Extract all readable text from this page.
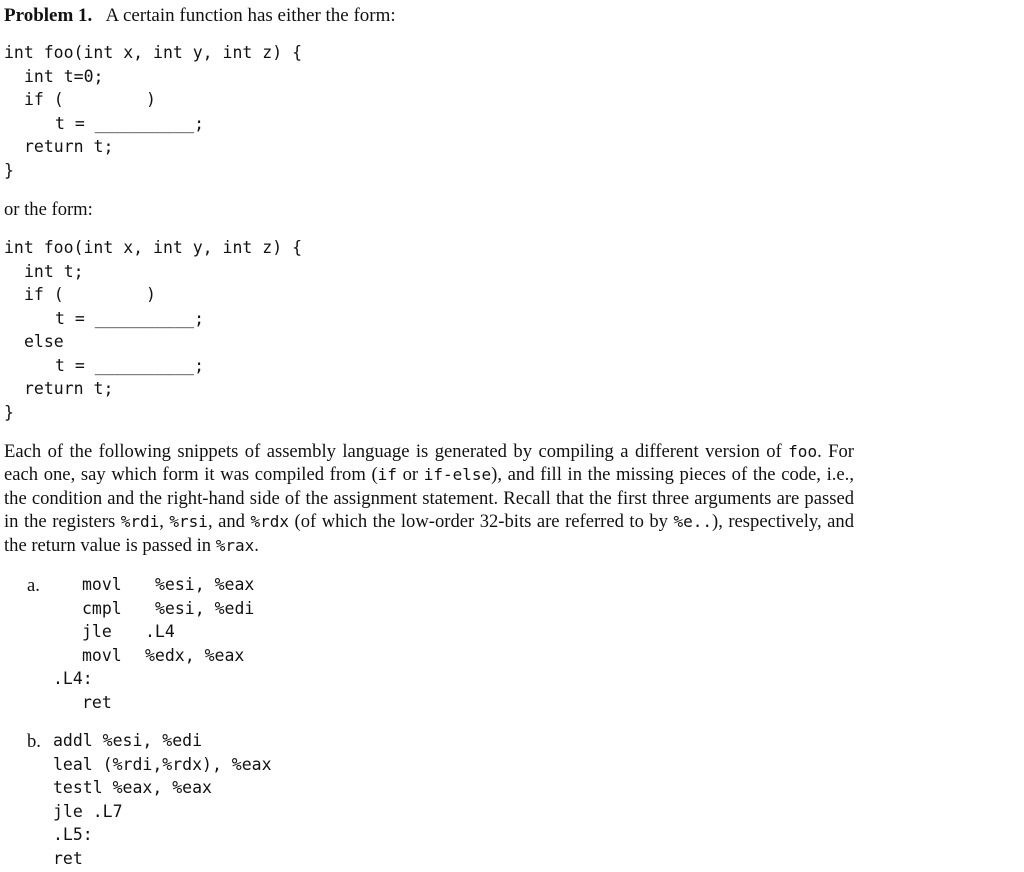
Problem 1. A certain function has either the form:
int foo(int x, int y, int z) {
int t=0;
if (	)
t = __________;
return t;
}
or the form:
int foo(int x, int y, int z) {
int t;
if (	)
t = __________;
else
t = __________;
return t;
}
Each of the following snippets of assembly language is generated by compiling a different version of foo. For each one, say which form it was compiled from (if or if-else), and fill in the missing pieces of the code, i.e., the condition and the right-hand side of the assignment statement. Recall that the first three arguments are passed in the registers %rdi, %rsi, and %rdx (of which the low-order 32-bits are referred to by %e..), respectively, and the return value is passed in %rax.
a.	movl %esi, %eax
cmpl %esi, %edi
jle .L4
movl %edx, %eax
.L4:
ret
b. addl %esi, %edi
leal (%rdi,%rdx), %eax
testl %eax, %eax
jle .L7
.L5:
ret
